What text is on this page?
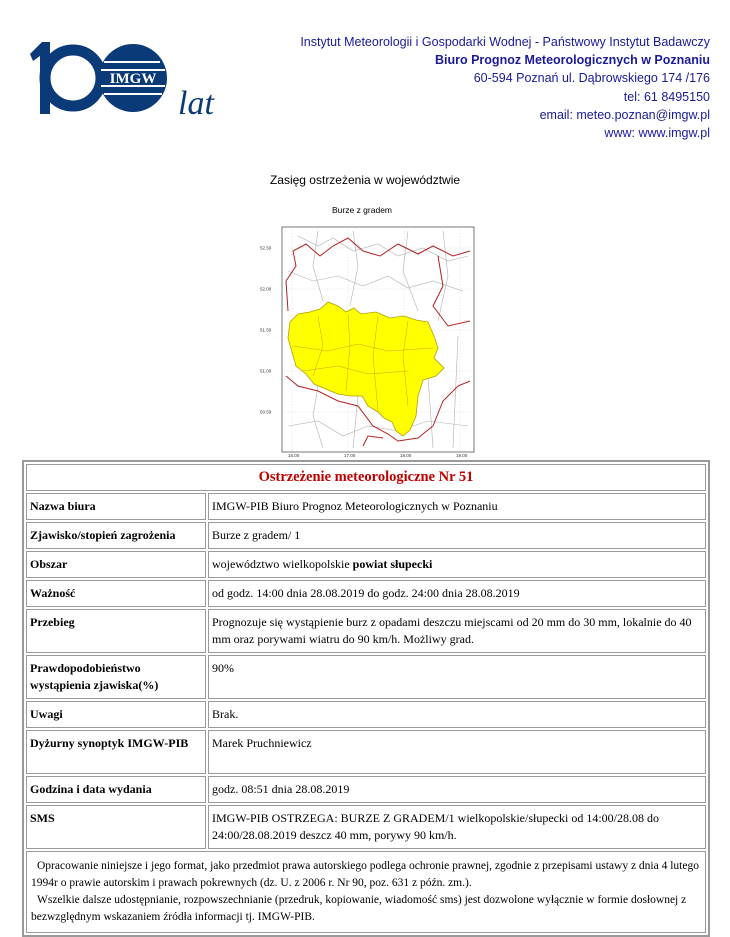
IMGW
lat
Instytut Meteorologii i Gospodarki Wodnej - Państwowy Instytut Badawczy
Biuro Prognoz Meteorologicznych w Poznaniu
60-594 Poznań ul. Dąbrowskiego 174 /176
tel: 61 8495150
email: meteo.poznan@imgw.pl
www: www.imgw.pl
Zasięg ostrzeżenia w województwie
Burze z gradem
52.50
52.00
51.50
51.00
50.50
16.00	17.00	18.00	19.00
Ostrzeżenie meteorologiczne Nr 51	
Nazwa biura	IMGW-PIB Biuro Prognoz Meteorologicznych w Poznaniu
Zjawisko/stopień zagrożenia	Burze z gradem/ 1
Obszar	województwo wielkopolskie powiat słupecki
Ważność	od godz. 14:00 dnia 28.08.2019 do godz. 24:00 dnia 28.08.2019
Przebieg	Prognozuje się wystąpienie burz z opadami deszczu miejscami od 20 mm do 30 mm, lokalnie do 40 mm oraz porywami wiatru do 90 km/h. Możliwy grad.
Prawdopodobieństwo wystąpienia zjawiska(%)	90%
Uwagi	Brak.
Dyżurny synoptyk IMGW-PIB	Marek Pruchniewicz
Godzina i data wydania	godz. 08:51 dnia 28.08.2019
SMS	IMGW-PIB OSTRZEGA: BURZE Z GRADEM/1 wielkopolskie/słupecki od 14:00/28.08 do 24:00/28.08.2019 deszcz 40 mm, porywy 90 km/h.

Opracowanie niniejsze i jego format, jako przedmiot prawa autorskiego podlega ochronie prawnej, zgodnie z przepisami ustawy z dnia 4 lutego 1994r o prawie autorskim i prawach pokrewnych (dz. U. z 2006 r. Nr 90, poz. 631 z późn. zm.).

Wszelkie dalsze udostępnianie, rozpowszechnianie (przedruk, kopiowanie, wiadomość sms) jest dozwolone wyłącznie w formie dosłownej z bezwzględnym wskazaniem źródła informacji tj. IMGW-PIB.	
